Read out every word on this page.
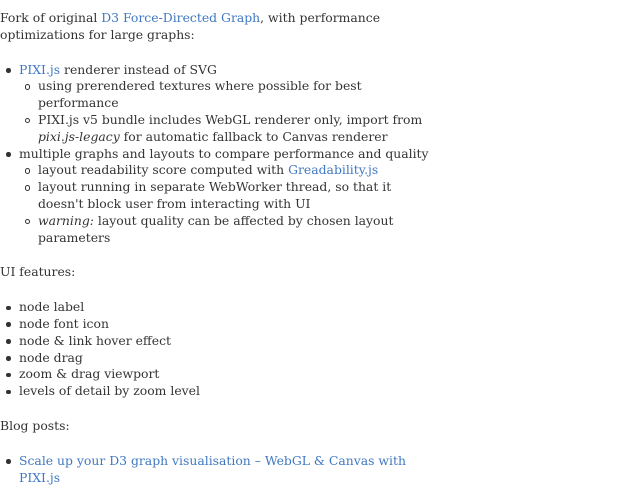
Fork of original D3 Force-Directed Graph, with performance optimizations for large graphs:

PIXI.js renderer instead of SVG
using prerendered textures where possible for best performance
PIXI.js v5 bundle includes WebGL renderer only, import from pixi.js-legacy for automatic fallback to Canvas renderer
multiple graphs and layouts to compare performance and quality
layout readability score computed with Greadability.js
layout running in separate WebWorker thread, so that it doesn't block user from interacting with UI
warning: layout quality can be affected by chosen layout parameters

UI features:

node label
node font icon
node & link hover effect
node drag
zoom & drag viewport
levels of detail by zoom level

Blog posts:

Scale up your D3 graph visualisation – WebGL & Canvas with PIXI.js
